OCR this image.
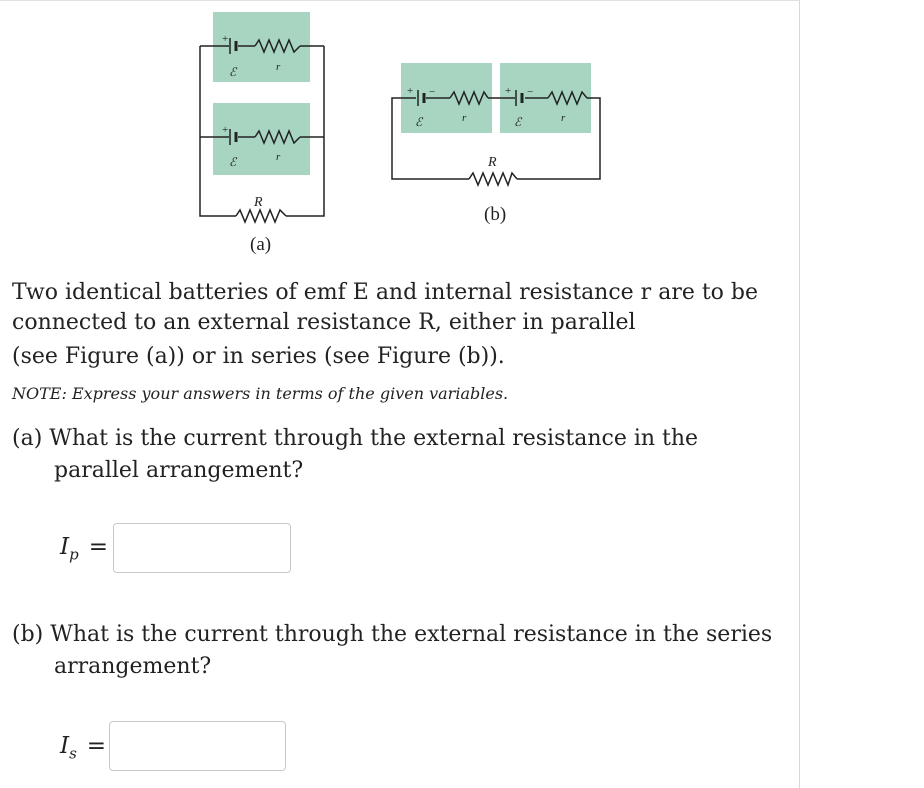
+
+
ℰ	r
ℰ	r
R
(a)
+ −	+ −
ℰ	r	ℰ	r
R
(b)
Two identical batteries of emf E and internal resistance r are to be
connected to an external resistance R, either in parallel
(see Figure (a)) or in series (see Figure (b)).
NOTE: Express your answers in terms of the given variables.
(a) What is the current through the external resistance in the
parallel arrangement?
$I_p$ =
(b) What is the current through the external resistance in the series
arrangement?
$I_s$ =
